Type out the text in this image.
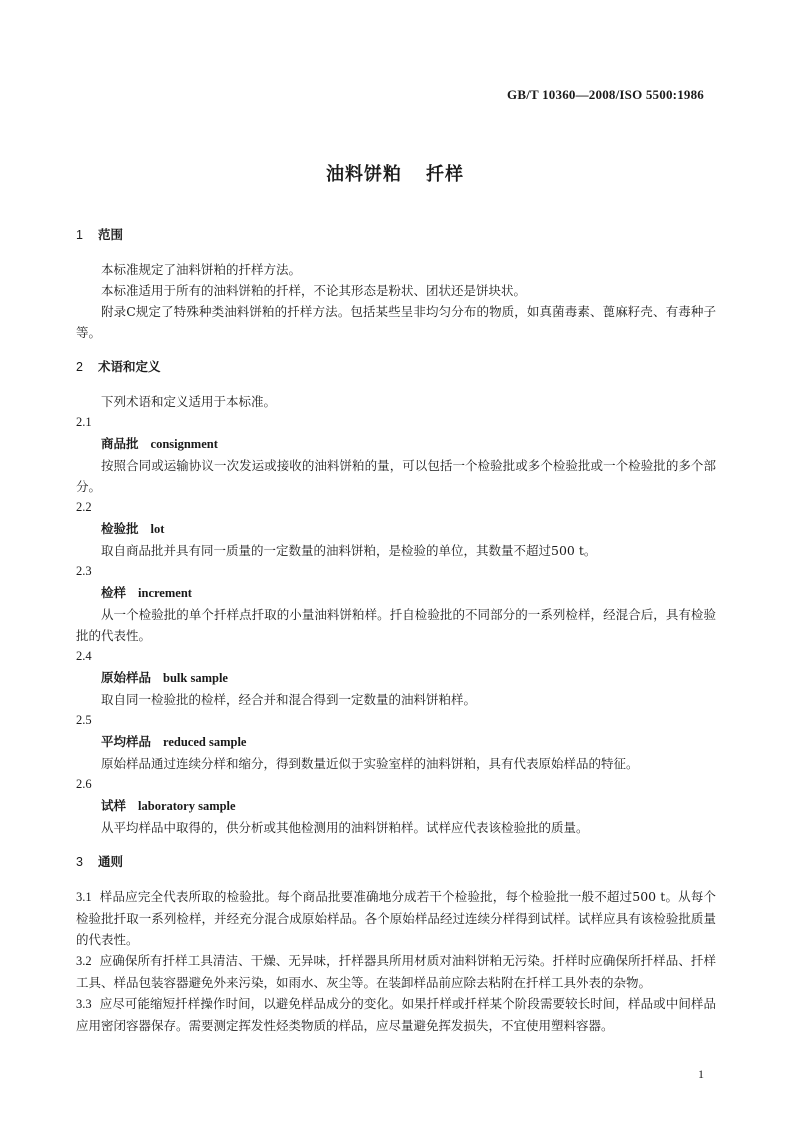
GB/T 10360—2008/ISO 5500:1986
油料饼粕 扦样

1 范围

本标准规定了油料饼粕的扦样方法。

本标准适用于所有的油料饼粕的扦样，不论其形态是粉状、团状还是饼块状。

附录C规定了特殊种类油料饼粕的扦样方法。包括某些呈非均匀分布的物质，如真菌毒素、蓖麻籽壳、有毒种子等。

2 术语和定义

下列术语和定义适用于本标准。

2.1

商品批 consignment

按照合同或运输协议一次发运或接收的油料饼粕的量，可以包括一个检验批或多个检验批或一个检验批的多个部分。

2.2

检验批 lot

取自商品批并具有同一质量的一定数量的油料饼粕，是检验的单位，其数量不超过500 t。

2.3

检样 increment

从一个检验批的单个扦样点扦取的小量油料饼粕样。扦自检验批的不同部分的一系列检样，经混合后，具有检验批的代表性。

2.4

原始样品 bulk sample

取自同一检验批的检样，经合并和混合得到一定数量的油料饼粕样。

2.5

平均样品 reduced sample

原始样品通过连续分样和缩分，得到数量近似于实验室样的油料饼粕，具有代表原始样品的特征。

2.6

试样 laboratory sample

从平均样品中取得的，供分析或其他检测用的油料饼粕样。试样应代表该检验批的质量。

3 通则

3.1 样品应完全代表所取的检验批。每个商品批要准确地分成若干个检验批，每个检验批一般不超过500 t。从每个检验批扦取一系列检样，并经充分混合成原始样品。各个原始样品经过连续分样得到试样。试样应具有该检验批质量的代表性。

3.2 应确保所有扦样工具清洁、干燥、无异味，扦样器具所用材质对油料饼粕无污染。扦样时应确保所扦样品、扦样工具、样品包装容器避免外来污染，如雨水、灰尘等。在装卸样品前应除去粘附在扦样工具外表的杂物。

3.3 应尽可能缩短扦样操作时间，以避免样品成分的变化。如果扦样或扦样某个阶段需要较长时间，样品或中间样品应用密闭容器保存。需要测定挥发性烃类物质的样品，应尽量避免挥发损失，不宜使用塑料容器。

1
